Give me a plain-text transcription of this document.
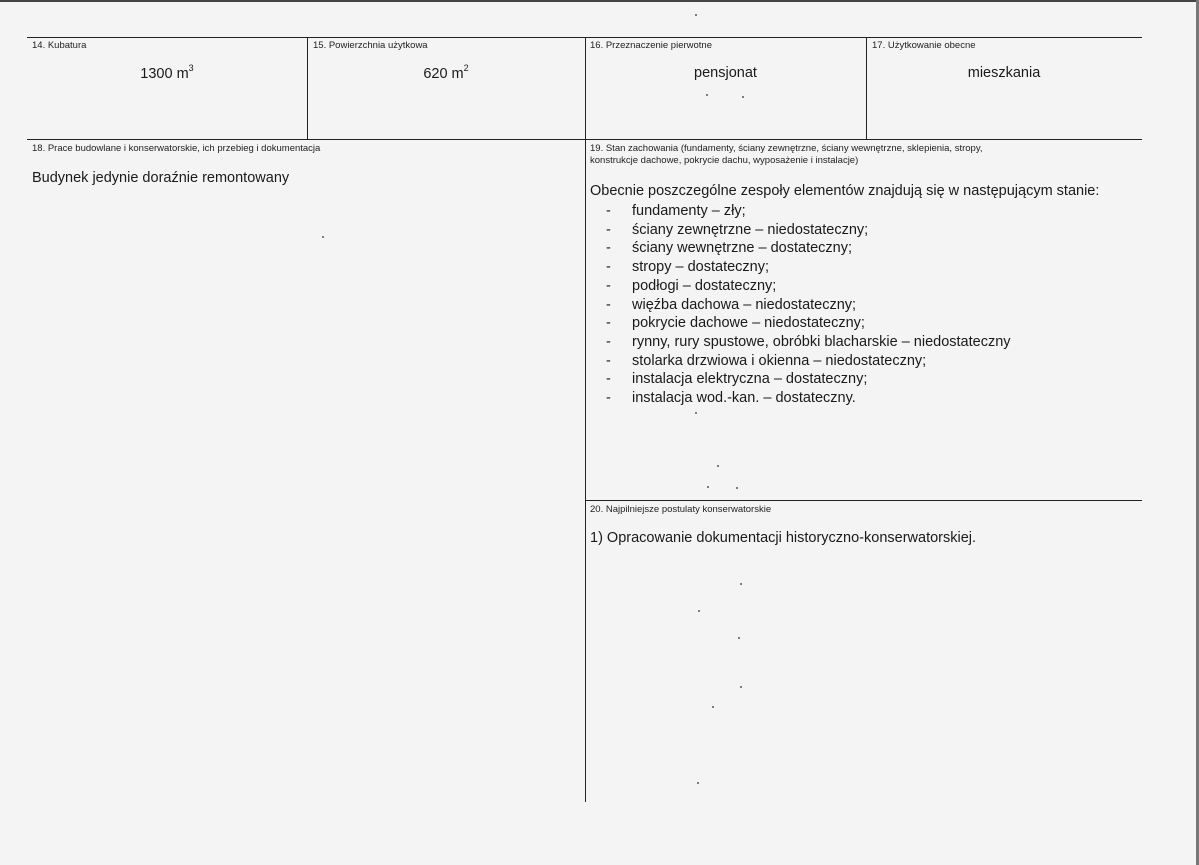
14. Kubatura
1300 $m^3$
15. Powierzchnia użytkowa
620 $m^2$
16. Przeznaczenie pierwotne
pensjonat
17. Użytkowanie obecne
mieszkania
18. Prace budowlane i konserwatorskie, ich przebieg i dokumentacja
Budynek jedynie doraźnie remontowany
19. Stan zachowania (fundamenty, ściany zewnętrzne, ściany wewnętrzne, sklepienia, stropy,
konstrukcje dachowe, pokrycie dachu, wyposażenie i instalacje)
Obecnie poszczególne zespoły elementów znajdują się w następującym stanie:
- fundamenty – zły;
- ściany zewnętrzne – niedostateczny;
- ściany wewnętrzne – dostateczny;
- stropy – dostateczny;
- podłogi – dostateczny;
- więźba dachowa – niedostateczny;
- pokrycie dachowe – niedostateczny;
- rynny, rury spustowe, obróbki blacharskie – niedostateczny
- stolarka drzwiowa i okienna – niedostateczny;
- instalacja elektryczna – dostateczny;
- instalacja wod.-kan. – dostateczny.
20. Najpilniejsze postulaty konserwatorskie
1) Opracowanie dokumentacji historyczno-konserwatorskiej.
